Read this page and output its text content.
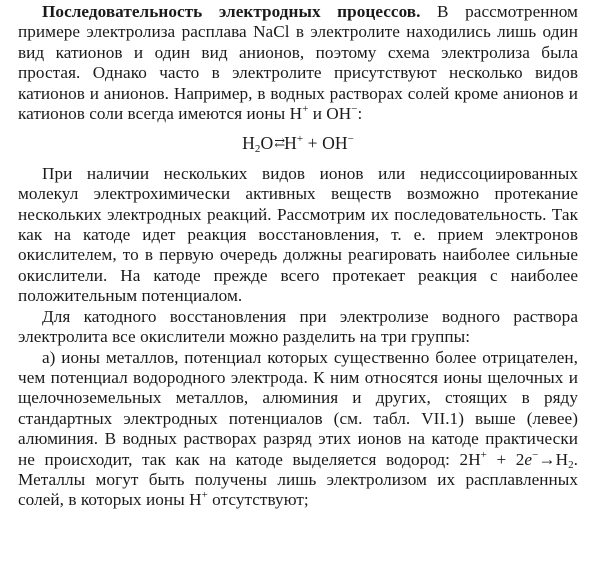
Последовательность электродных процессов. В рассмотренном примере электролиза расплава NaCl в электролите находились лишь один вид катионов и один вид анионов, поэтому схема электролиза была простая. Однако часто в электролите присутствуют несколько видов катионов и анионов. Например, в водных растворах солей кроме анионов и катионов соли всегда имеются ионы H+ и OH−:

$H_2O⇄H^+ + OH^-$

При наличии нескольких видов ионов или недиссоциированных молекул электрохимически активных веществ возможно протекание нескольких электродных реакций. Рассмотрим их последовательность. Так как на катоде идет реакция восстановления, т. е. прием электронов окислителем, то в первую очередь должны реагировать наиболее сильные окислители. На катоде прежде всего протекает реакция с наиболее положительным потенциалом.

Для катодного восстановления при электролизе водного раствора электролита все окислители можно разделить на три группы:

а) ионы металлов, потенциал которых существенно более отрицателен, чем потенциал водородного электрода. К ним относятся ионы щелочных и щелочноземельных металлов, алюминия и других, стоящих в ряду стандартных электродных потенциалов (см. табл. VII.1) выше (левее) алюминия. В водных растворах разряд этих ионов на катоде практически не происходит, так как на катоде выделяется водород: $2H^+ + 2e^-\to H_2$. Металлы могут быть получены лишь электролизом их расплавленных солей, в которых ионы H+ отсутствуют;
